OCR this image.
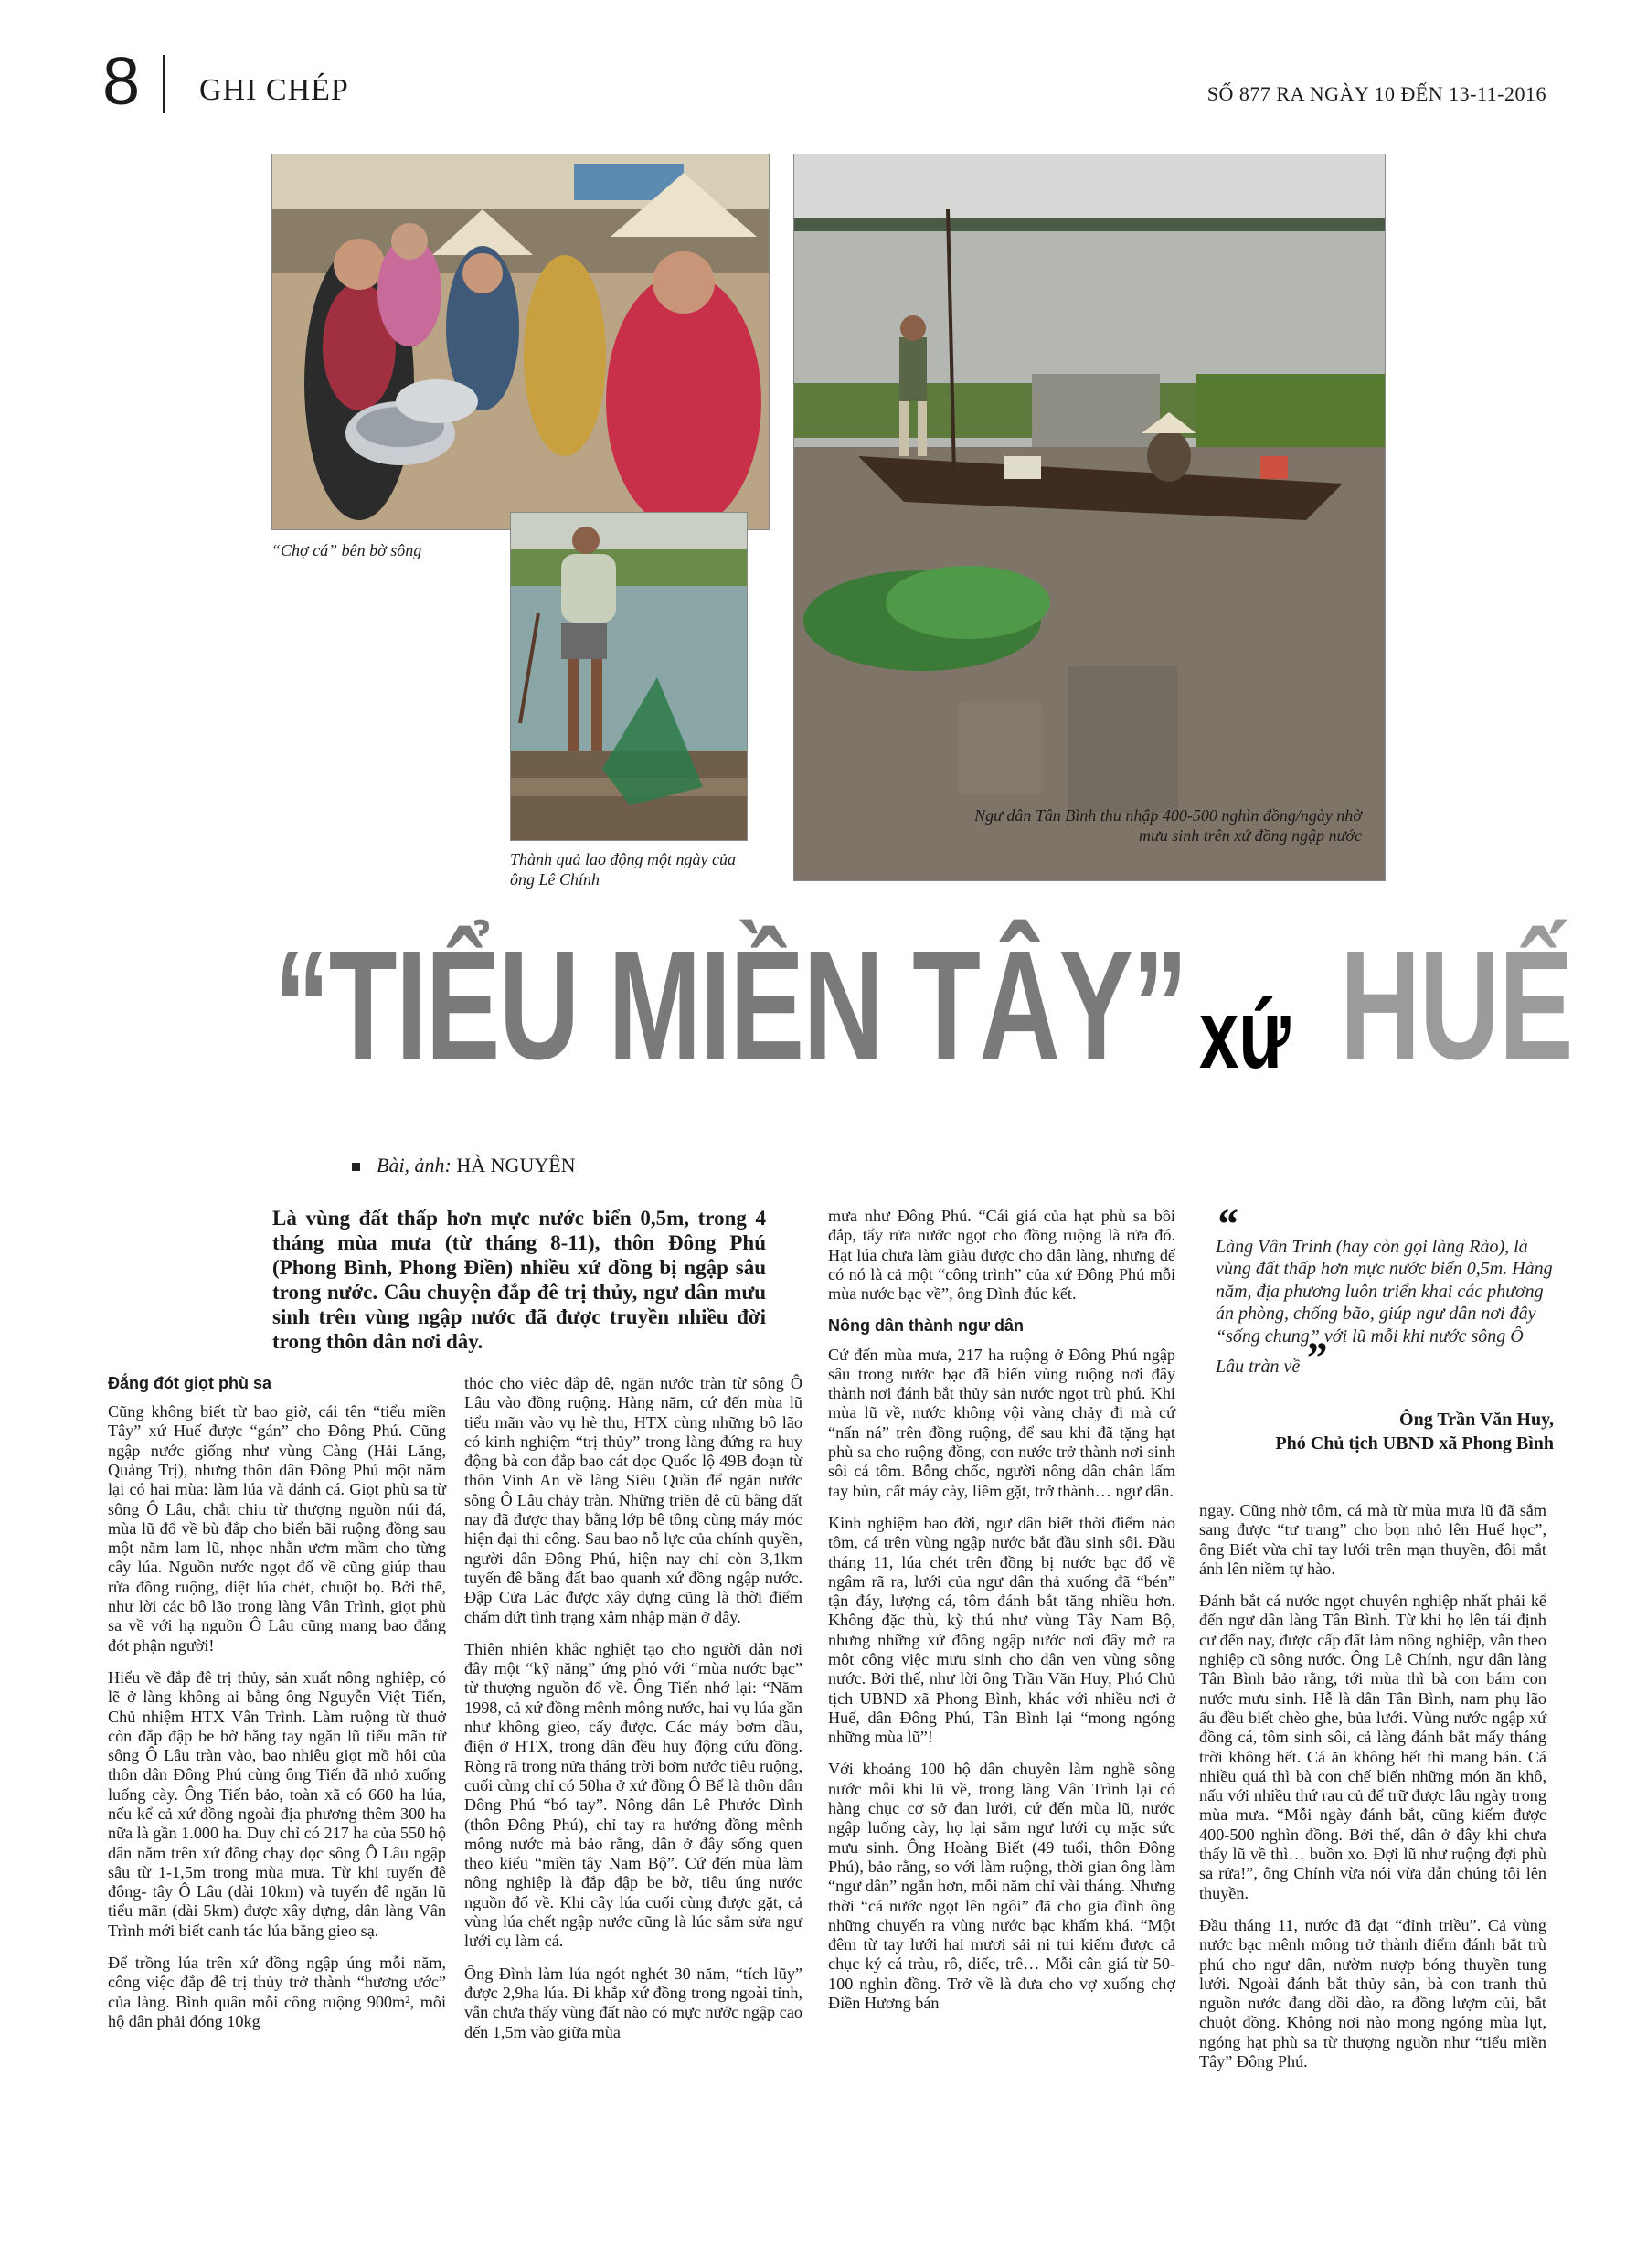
8 GHI CHÉP	SỐ 877 RA NGÀY 10 ĐẾN 13-11-2016
“Chợ cá” bên bờ sông
Thành quả lao động một ngày của ông Lê Chính
Ngư dân Tân Bình thu nhập 400-500 nghìn đồng/ngày nhờ mưu sinh trên xứ đồng ngập nước
“TIỂU MIỀN TÂY” xứ HUẾ
Bài, ảnh: HÀ NGUYÊN
Là vùng đất thấp hơn mực nước biển 0,5m, trong 4 tháng mùa mưa (từ tháng 8-11), thôn Đông Phú (Phong Bình, Phong Điền) nhiều xứ đồng bị ngập sâu trong nước. Câu chuyện đắp đê trị thủy, ngư dân mưu sinh trên vùng ngập nước đã được truyền nhiều đời trong thôn dân nơi đây.
“
Làng Vân Trình (hay còn gọi làng Rào), là vùng đất thấp hơn mực nước biển 0,5m. Hàng năm, địa phương luôn triển khai các phương án phòng, chống bão, giúp ngư dân nơi đây “sống chung” với lũ mỗi khi nước sông Ô Lâu tràn về ”
Ông Trần Văn Huy,
Phó Chủ tịch UBND xã Phong Bình
Đắng đót giọt phù sa

Cũng không biết từ bao giờ, cái tên “tiểu miền Tây” xứ Huế được “gán” cho Đông Phú. Cũng ngập nước giống như vùng Càng (Hải Lăng, Quảng Trị), nhưng thôn dân Đông Phú một năm lại có hai mùa: làm lúa và đánh cá. Giọt phù sa từ sông Ô Lâu, chắt chiu từ thượng nguồn núi đá, mùa lũ đổ về bù đắp cho biển bãi ruộng đồng sau một năm lam lũ, nhọc nhằn ươm mầm cho từng cây lúa. Nguồn nước ngọt đổ về cũng giúp thau rửa đồng ruộng, diệt lúa chét, chuột bọ. Bởi thế, như lời các bô lão trong làng Vân Trình, giọt phù sa về với hạ nguồn Ô Lâu cũng mang bao đắng đót phận người!

Hiểu về đắp đê trị thủy, sản xuất nông nghiệp, có lẽ ở làng không ai bằng ông Nguyễn Việt Tiến, Chủ nhiệm HTX Vân Trình. Làm ruộng từ thuở còn đắp đập be bờ bằng tay ngăn lũ tiểu mãn từ sông Ô Lâu tràn vào, bao nhiêu giọt mồ hôi của thôn dân Đông Phú cùng ông Tiến đã nhỏ xuống luống cày. Ông Tiến bảo, toàn xã có 660 ha lúa, nếu kể cả xứ đồng ngoài địa phương thêm 300 ha nữa là gần 1.000 ha. Duy chỉ có 217 ha của 550 hộ dân nằm trên xứ đồng chạy dọc sông Ô Lâu ngập sâu từ 1-1,5m trong mùa mưa. Từ khi tuyến đê đông- tây Ô Lâu (dài 10km) và tuyến đê ngăn lũ tiểu mãn (dài 5km) được xây dựng, dân làng Vân Trình mới biết canh tác lúa bằng gieo sạ.

Để trồng lúa trên xứ đồng ngập úng mỗi năm, công việc đắp đê trị thủy trở thành “hương ước” của làng. Bình quân mỗi công ruộng 900m², mỗi hộ dân phải đóng 10kg

thóc cho việc đắp đê, ngăn nước tràn từ sông Ô Lâu vào đồng ruộng. Hàng năm, cứ đến mùa lũ tiểu mãn vào vụ hè thu, HTX cùng những bô lão có kinh nghiệm “trị thủy” trong làng đứng ra huy động bà con đắp bao cát dọc Quốc lộ 49B đoạn từ thôn Vinh An về làng Siêu Quần để ngăn nước sông Ô Lâu chảy tràn. Những triền đê cũ bằng đất nay đã được thay bằng lớp bê tông cùng máy móc hiện đại thi công. Sau bao nỗ lực của chính quyền, người dân Đông Phú, hiện nay chỉ còn 3,1km tuyến đê bằng đất bao quanh xứ đồng ngập nước. Đập Cửa Lác được xây dựng cũng là thời điểm chấm dứt tình trạng xâm nhập mặn ở đây.

Thiên nhiên khắc nghiệt tạo cho người dân nơi đây một “kỹ năng” ứng phó với “mùa nước bạc” từ thượng nguồn đổ về. Ông Tiến nhớ lại: “Năm 1998, cả xứ đồng mênh mông nước, hai vụ lúa gần như không gieo, cấy được. Các máy bơm dầu, điện ở HTX, trong dân đều huy động cứu đồng. Ròng rã trong nửa tháng trời bơm nước tiêu ruộng, cuối cùng chỉ có 50ha ở xứ đồng Ô Bể là thôn dân Đông Phú “bó tay”. Nông dân Lê Phước Đình (thôn Đông Phú), chỉ tay ra hướng đồng mênh mông nước mà bảo rằng, dân ở đây sống quen theo kiểu “miền tây Nam Bộ”. Cứ đến mùa làm nông nghiệp là đắp đập be bờ, tiêu úng nước nguồn đổ về. Khi cây lúa cuối cùng được gặt, cả vùng lúa chết ngập nước cũng là lúc sắm sửa ngư lưới cụ làm cá.

Ông Đình làm lúa ngót nghét 30 năm, “tích lũy” được 2,9ha lúa. Đi khắp xứ đồng trong ngoài tỉnh, vẫn chưa thấy vùng đất nào có mực nước ngập cao đến 1,5m vào giữa mùa

mưa như Đông Phú. “Cái giá của hạt phù sa bồi đắp, tẩy rửa nước ngọt cho đồng ruộng là rửa đó. Hạt lúa chưa làm giàu được cho dân làng, nhưng để có nó là cả một “công trình” của xứ Đông Phú mỗi mùa nước bạc về”, ông Đình đúc kết.

Nông dân thành ngư dân

Cứ đến mùa mưa, 217 ha ruộng ở Đông Phú ngập sâu trong nước bạc đã biến vùng ruộng nơi đây thành nơi đánh bắt thủy sản nước ngọt trù phú. Khi mùa lũ về, nước không vội vàng chảy đi mà cứ “nấn ná” trên đồng ruộng, để sau khi đã tặng hạt phù sa cho ruộng đồng, con nước trở thành nơi sinh sôi cá tôm. Bỗng chốc, người nông dân chân lấm tay bùn, cất máy cày, liềm gặt, trở thành… ngư dân.

Kinh nghiệm bao đời, ngư dân biết thời điểm nào tôm, cá trên vùng ngập nước bắt đầu sinh sôi. Đầu tháng 11, lúa chét trên đồng bị nước bạc đổ về ngâm rã ra, lưới của ngư dân thả xuống đã “bén” tận đáy, lượng cá, tôm đánh bắt tăng nhiều hơn. Không đặc thù, kỳ thú như vùng Tây Nam Bộ, nhưng những xứ đồng ngập nước nơi đây mở ra một công việc mưu sinh cho dân ven vùng sông nước. Bởi thế, như lời ông Trần Văn Huy, Phó Chủ tịch UBND xã Phong Bình, khác với nhiều nơi ở Huế, dân Đông Phú, Tân Bình lại “mong ngóng những mùa lũ”!

Với khoảng 100 hộ dân chuyên làm nghề sông nước mỗi khi lũ về, trong làng Vân Trình lại có hàng chục cơ sở đan lưới, cứ đến mùa lũ, nước ngập luống cày, họ lại sắm ngư lưới cụ mặc sức mưu sinh. Ông Hoàng Biết (49 tuổi, thôn Đông Phú), bảo rằng, so với làm ruộng, thời gian ông làm “ngư dân” ngắn hơn, mỗi năm chỉ vài tháng. Nhưng thời “cá nước ngọt lên ngôi” đã cho gia đình ông những chuyến ra vùng nước bạc khấm khá. “Một đêm từ tay lưới hai mươi sải ni tui kiếm được cả chục ký cá tràu, rô, diếc, trê… Mỗi cân giá từ 50-100 nghìn đồng. Trở về là đưa cho vợ xuống chợ Điền Hương bán

ngay. Cũng nhờ tôm, cá mà từ mùa mưa lũ đã sắm sang được “tư trang” cho bọn nhỏ lên Huế học”, ông Biết vừa chỉ tay lưới trên mạn thuyền, đôi mắt ánh lên niềm tự hào.

Đánh bắt cá nước ngọt chuyên nghiệp nhất phải kể đến ngư dân làng Tân Bình. Từ khi họ lên tái định cư đến nay, được cấp đất làm nông nghiệp, vẫn theo nghiệp cũ sông nước. Ông Lê Chính, ngư dân làng Tân Bình bảo rằng, tới mùa thì bà con bám con nước mưu sinh. Hễ là dân Tân Bình, nam phụ lão ấu đều biết chèo ghe, bủa lưới. Vùng nước ngập xứ đồng cá, tôm sinh sôi, cả làng đánh bắt mấy tháng trời không hết. Cá ăn không hết thì mang bán. Cá nhiều quá thì bà con chế biến những món ăn khô, nấu với nhiều thứ rau củ để trữ được lâu ngày trong mùa mưa. “Mỗi ngày đánh bắt, cũng kiếm được 400-500 nghìn đồng. Bởi thế, dân ở đây khi chưa thấy lũ về thì… buồn xo. Đợi lũ như ruộng đợi phù sa rửa!”, ông Chính vừa nói vừa dẫn chúng tôi lên thuyền.

Đầu tháng 11, nước đã đạt “đỉnh triều”. Cả vùng nước bạc mênh mông trở thành điểm đánh bắt trù phú cho ngư dân, nườm nượp bóng thuyền tung lưới. Ngoài đánh bắt thủy sản, bà con tranh thủ nguồn nước đang dồi dào, ra đồng lượm củi, bắt chuột đồng. Không nơi nào mong ngóng mùa lụt, ngóng hạt phù sa từ thượng nguồn như “tiểu miền Tây” Đông Phú.
